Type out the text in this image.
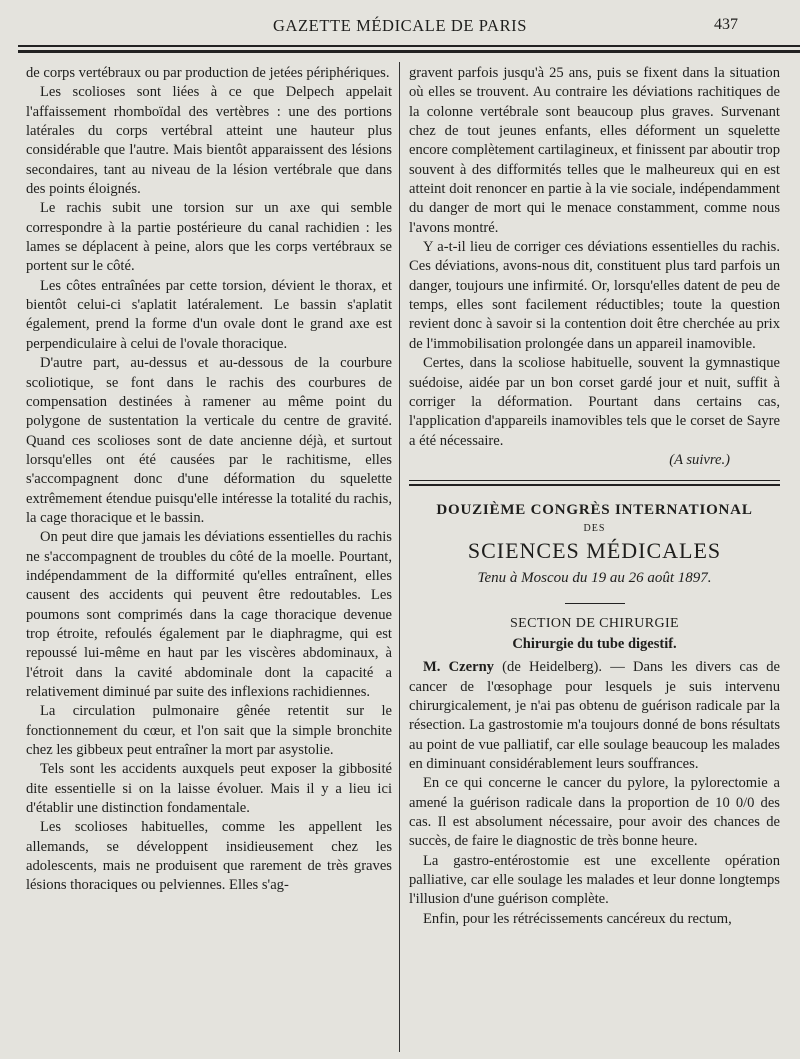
GAZETTE MÉDICALE DE PARIS	437

de corps vertébraux ou par production de jetées périphériques.

Les scolioses sont liées à ce que Delpech appelait l'affaissement rhomboïdal des vertèbres : une des portions latérales du corps vertébral atteint une hauteur plus considérable que l'autre. Mais bientôt apparaissent des lésions secondaires, tant au niveau de la lésion vertébrale que dans des points éloignés.

Le rachis subit une torsion sur un axe qui semble correspondre à la partie postérieure du canal rachidien : les lames se déplacent à peine, alors que les corps vertébraux se portent sur le côté.

Les côtes entraînées par cette torsion, dévient le thorax, et bientôt celui-ci s'aplatit latéralement. Le bassin s'aplatit également, prend la forme d'un ovale dont le grand axe est perpendiculaire à celui de l'ovale thoracique.

D'autre part, au-dessus et au-dessous de la courbure scoliotique, se font dans le rachis des courbures de compensation destinées à ramener au même point du polygone de sustentation la verticale du centre de gravité. Quand ces scolioses sont de date ancienne déjà, et surtout lorsqu'elles ont été causées par le rachitisme, elles s'accompagnent donc d'une déformation du squelette extrêmement étendue puisqu'elle intéresse la totalité du rachis, la cage thoracique et le bassin.

On peut dire que jamais les déviations essentielles du rachis ne s'accompagnent de troubles du côté de la moelle. Pourtant, indépendamment de la difformité qu'elles entraînent, elles causent des accidents qui peuvent être redoutables. Les poumons sont comprimés dans la cage thoracique devenue trop étroite, refoulés également par le diaphragme, qui est repoussé lui-même en haut par les viscères abdominaux, à l'étroit dans la cavité abdominale dont la capacité a relativement diminué par suite des inflexions rachidiennes.

La circulation pulmonaire gênée retentit sur le fonctionnement du cœur, et l'on sait que la simple bronchite chez les gibbeux peut entraîner la mort par asystolie.

Tels sont les accidents auxquels peut exposer la gibbosité dite essentielle si on la laisse évoluer. Mais il y a lieu ici d'établir une distinction fondamentale.

Les scolioses habituelles, comme les appellent les allemands, se développent insidieusement chez les adolescents, mais ne produisent que rarement de très graves lésions thoraciques ou pelviennes. Elles s'ag-

gravent parfois jusqu'à 25 ans, puis se fixent dans la situation où elles se trouvent. Au contraire les déviations rachitiques de la colonne vertébrale sont beaucoup plus graves. Survenant chez de tout jeunes enfants, elles déforment un squelette encore complètement cartilagineux, et finissent par aboutir trop souvent à des difformités telles que le malheureux qui en est atteint doit renoncer en partie à la vie sociale, indépendamment du danger de mort qui le menace constamment, comme nous l'avons montré.

Y a-t-il lieu de corriger ces déviations essentielles du rachis. Ces déviations, avons-nous dit, constituent plus tard parfois un danger, toujours une infirmité. Or, lorsqu'elles datent de peu de temps, elles sont facilement réductibles; toute la question revient donc à savoir si la contention doit être cherchée au prix de l'immobilisation prolongée dans un appareil inamovible.

Certes, dans la scoliose habituelle, souvent la gymnastique suédoise, aidée par un bon corset gardé jour et nuit, suffit à corriger la déformation. Pourtant dans certains cas, l'application d'appareils inamovibles tels que le corset de Sayre a été nécessaire.

(A suivre.)
DOUZIÈME CONGRÈS INTERNATIONAL
DES
SCIENCES MÉDICALES
Tenu à Moscou du 19 au 26 août 1897.
SECTION DE CHIRURGIE
Chirurgie du tube digestif.

M. Czerny (de Heidelberg). — Dans les divers cas de cancer de l'œsophage pour lesquels je suis intervenu chirurgicalement, je n'ai pas obtenu de guérison radicale par la résection. La gastrostomie m'a toujours donné de bons résultats au point de vue palliatif, car elle soulage beaucoup les malades en diminuant considérablement leurs souffrances.

En ce qui concerne le cancer du pylore, la pylorectomie a amené la guérison radicale dans la proportion de 10 0/0 des cas. Il est absolument nécessaire, pour avoir des chances de succès, de faire le diagnostic de très bonne heure.

La gastro-entérostomie est une excellente opération palliative, car elle soulage les malades et leur donne longtemps l'illusion d'une guérison complète.

Enfin, pour les rétrécissements cancéreux du rectum,
